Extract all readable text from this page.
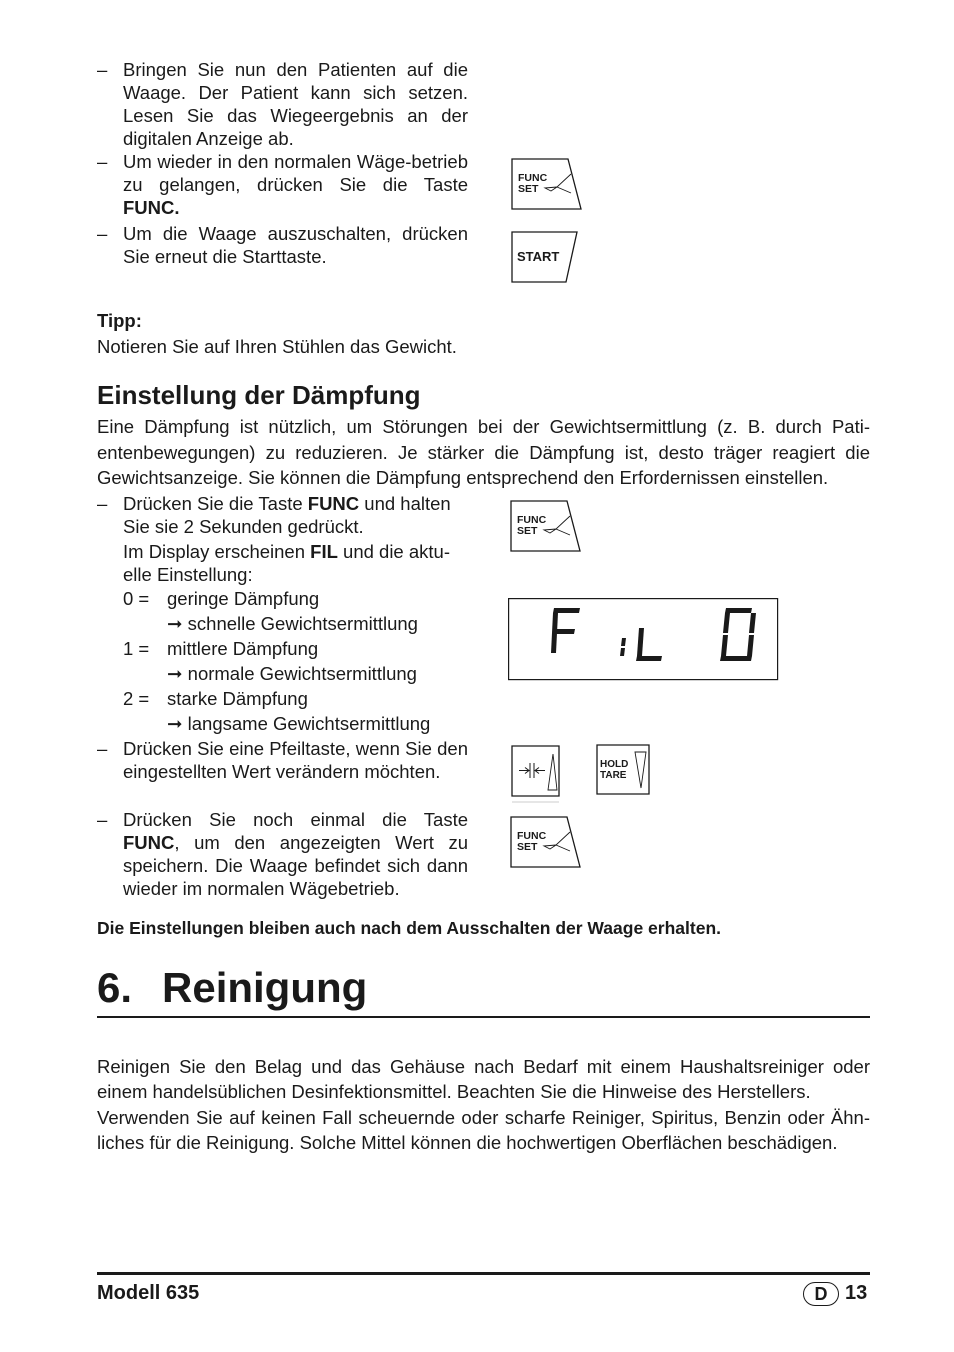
– Bringen Sie nun den Patienten auf die Waage. Der Patient kann sich setzen. Lesen Sie das Wiegeergebnis an der digitalen Anzeige ab.
– Um wieder in den normalen Wäge-betrieb zu gelangen, drücken Sie die Taste FUNC.
– Um die Waage auszuschalten, drücken Sie erneut die Starttaste.
FUNC
SET
START
Tipp:
Notieren Sie auf Ihren Stühlen das Gewicht.
Einstellung der Dämpfung
Eine Dämpfung ist nützlich, um Störungen bei der Gewichtsermittlung (z. B. durch Pati-entenbewegungen) zu reduzieren. Je stärker die Dämpfung ist, desto träger reagiert die Gewichtsanzeige. Sie können die Dämpfung entsprechend den Erfordernissen einstellen.
– Drücken Sie die Taste FUNC und halten Sie sie 2 Sekunden gedrückt.
Im Display erscheinen FIL und die aktu-elle Einstellung:
0 = geringe Dämpfung
➞ schnelle Gewichtsermittlung
1 = mittlere Dämpfung
➞ normale Gewichtsermittlung
2 = starke Dämpfung
➞ langsame Gewichtsermittlung
– Drücken Sie eine Pfeiltaste, wenn Sie den eingestellten Wert verändern möchten.
– Drücken Sie noch einmal die Taste FUNC, um den angezeigten Wert zu speichern. Die Waage befindet sich dann wieder im normalen Wägebetrieb.
FUNC
SET
HOLD
TARE
FUNC
SET
Die Einstellungen bleiben auch nach dem Ausschalten der Waage erhalten.
6. Reinigung
Reinigen Sie den Belag und das Gehäuse nach Bedarf mit einem Haushaltsreiniger oder einem handelsüblichen Desinfektionsmittel. Beachten Sie die Hinweise des Herstellers.
Verwenden Sie auf keinen Fall scheuernde oder scharfe Reiniger, Spiritus, Benzin oder Ähn-liches für die Reinigung. Solche Mittel können die hochwertigen Oberflächen beschädigen.
Modell 635	D 13
